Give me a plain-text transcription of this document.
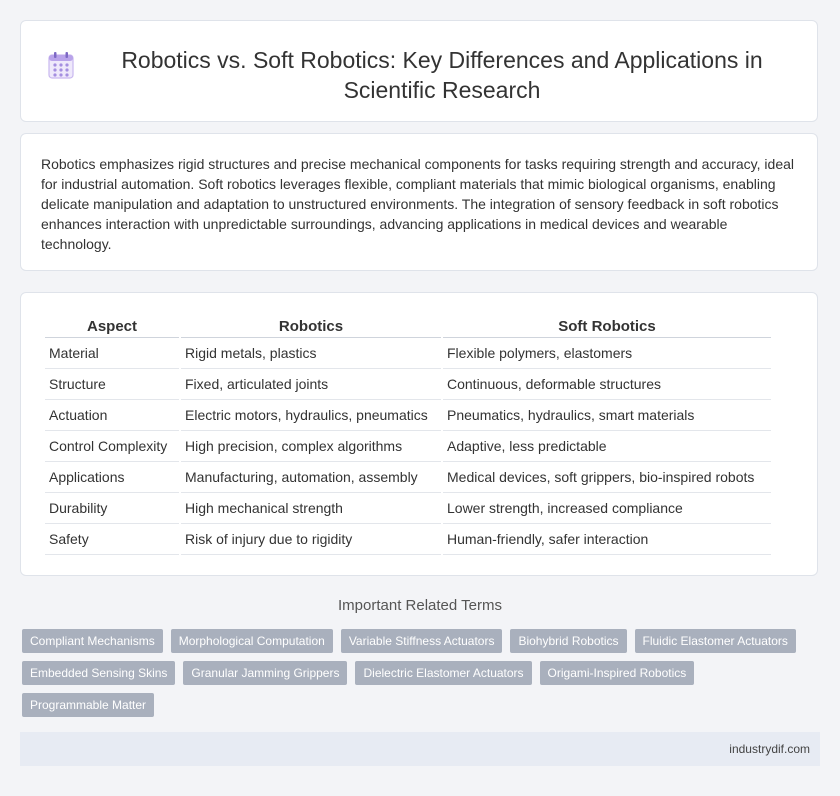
Robotics vs. Soft Robotics: Key Differences and Applications in Scientific Research

Robotics emphasizes rigid structures and precise mechanical components for tasks requiring strength and accuracy, ideal for industrial automation. Soft robotics leverages flexible, compliant materials that mimic biological organisms, enabling delicate manipulation and adaptation to unstructured environments. The integration of sensory feedback in soft robotics enhances interaction with unpredictable surroundings, advancing applications in medical devices and wearable technology.

Aspect	Robotics	Soft Robotics
Material	Rigid metals, plastics	Flexible polymers, elastomers
Structure	Fixed, articulated joints	Continuous, deformable structures
Actuation	Electric motors, hydraulics, pneumatics	Pneumatics, hydraulics, smart materials
Control Complexity	High precision, complex algorithms	Adaptive, less predictable
Applications	Manufacturing, automation, assembly	Medical devices, soft grippers, bio-inspired robots
Durability	High mechanical strength	Lower strength, increased compliance
Safety	Risk of injury due to rigidity	Human-friendly, safer interaction
Important Related Terms
Compliant Mechanisms	Morphological Computation	Variable Stiffness Actuators	Biohybrid Robotics	Fluidic Elastomer Actuators
Embedded Sensing Skins	Granular Jamming Grippers	Dielectric Elastomer Actuators	Origami-Inspired Robotics
Programmable Matter
industrydif.com
